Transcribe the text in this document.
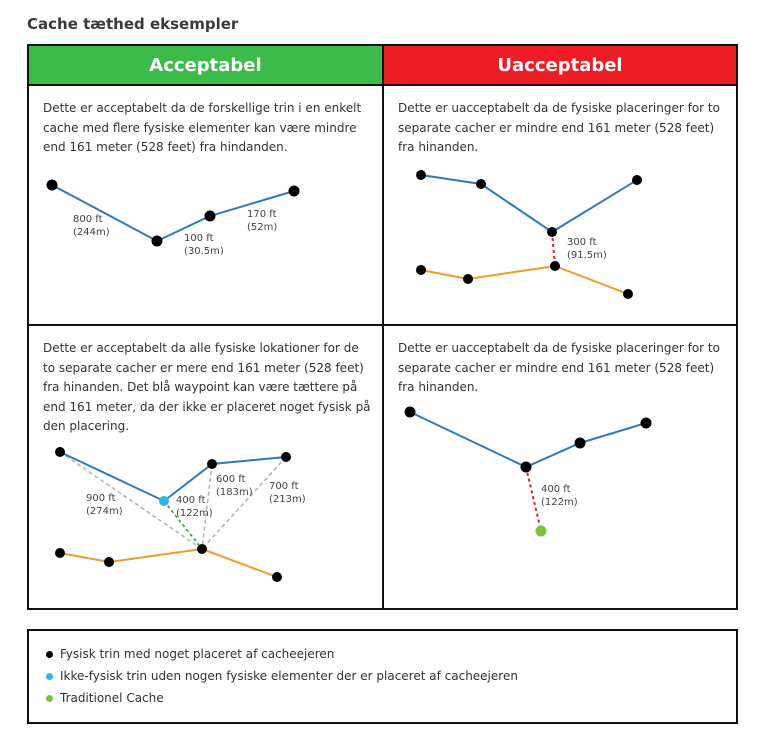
Cache tæthed eksempler
Acceptabel	Uacceptabel
Dette er acceptabelt da de forskellige trin i en enkelt cache med flere fysiske elementer kan være mindre end 161 meter (528 feet) fra hindanden.
800 ft
(244m)
100 ft
(30.5m)
170 ft
(52m)
Dette er uacceptabelt da de fysiske placeringer for to separate cacher er mindre end 161 meter (528 feet) fra hinanden.
300 ft
(91.5m)
Dette er acceptabelt da alle fysiske lokationer for de to separate cacher er mere end 161 meter (528 feet) fra hinanden. Det blå waypoint kan være tættere på end 161 meter, da der ikke er placeret noget fysisk på den placering.
900 ft
(274m)
400 ft
(122m)
600 ft
(183m)
700 ft
(213m)
Dette er uacceptabelt da de fysiske placeringer for to separate cacher er mindre end 161 meter (528 feet) fra hinanden.
400 ft
(122m)
Fysisk trin med noget placeret af cacheejeren
Ikke-fysisk trin uden nogen fysiske elementer der er placeret af cacheejeren
Traditionel Cache
